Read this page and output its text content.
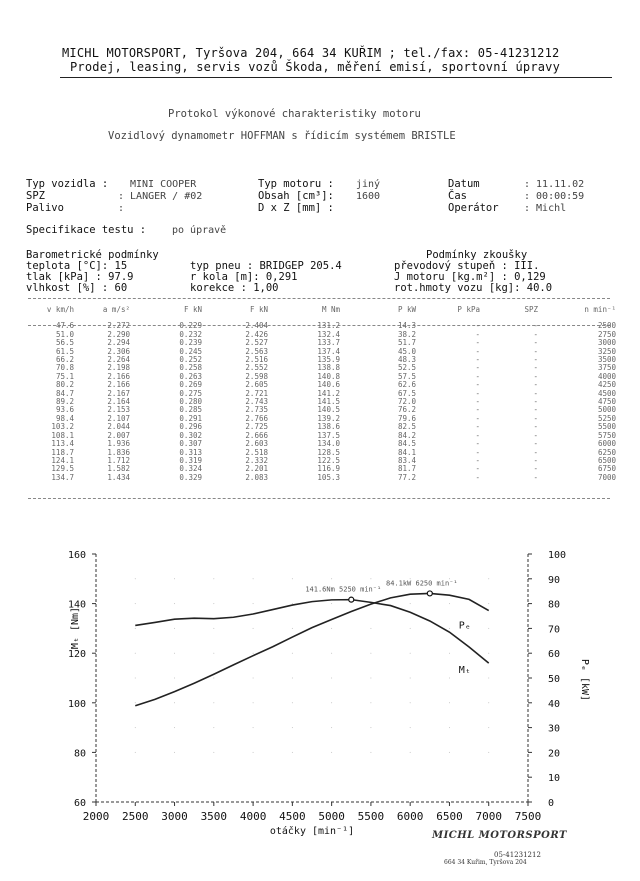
MICHL MOTORSPORT, Tyršova 204, 664 34 KUŘIM ; tel./fax: 05-41231212
Prodej, leasing, servis vozů Škoda, měření emisí, sportovní úpravy
Protokol výkonové charakteristiky motoru
Vozidlový dynamometr HOFFMAN s řídicím systémem BRISTLE
Typ vozidla : MINI COOPER
SPZ	: LANGER / #02
Palivo	:
Typ motoru : jiný
Obsah [cm³]: 1600
D x Z [mm] :
Datum	: 11.11.02
Čas	: 00:00:59
Operátor	: Michl
Specifikace testu :	po úpravě
Barometrické podmínky
teplota [°C]: 15
tlak [kPa] : 97.9
vlhkost [%] : 60
typ pneu : BRIDGEP 205.4
r kola [m]: 0,291
korekce : 1,00
Podmínky zkoušky
převodový stupeň : III.
J motoru [kg.m²] : 0,129
rot.hmoty vozu [kg]: 40.0
v km/h	a m/s²	F kN	F kN	M Nm	P kW	P kPa	SPZ	n min⁻¹
47.6	2.272	0.229	2.404	131.2	14.3	-	-	2500
51.0	2.290	0.232	2.426	132.4	38.2	-	-	2750
56.5	2.294	0.239	2.527	133.7	51.7	-	-	3000
61.5	2.306	0.245	2.563	137.4	45.0	-	-	3250
66.2	2.264	0.252	2.516	135.9	48.3	-	-	3500
70.8	2.198	0.258	2.552	138.8	52.5	-	-	3750
75.1	2.166	0.263	2.598	140.8	57.5	-	-	4000
80.2	2.166	0.269	2.605	140.6	62.6	-	-	4250
84.7	2.167	0.275	2.721	141.2	67.5	-	-	4500
89.2	2.164	0.280	2.743	141.5	72.0	-	-	4750
93.6	2.153	0.285	2.735	140.5	76.2	-	-	5000
98.4	2.107	0.291	2.766	139.2	79.6	-	-	5250
103.2	2.044	0.296	2.725	138.6	82.5	-	-	5500
108.1	2.007	0.302	2.666	137.5	84.2	-	-	5750
113.4	1.936	0.307	2.603	134.0	84.5	-	-	6000
118.7	1.836	0.313	2.518	128.5	84.1	-	-	6250
124.1	1.712	0.319	2.332	122.5	83.4	-	-	6500
129.5	1.582	0.324	2.201	116.9	81.7	-	-	6750
134.7	1.434	0.329	2.083	105.3	77.2	-	-	7000
2000 2500 3000 3500 4000 4500 5000 5500 6000 6500 7000 7500
otáčky [min⁻¹]
160
140
120
100
80
60
Mₜ [Nm]
100
90
80
70
60
50
40
30
20
10
0
Pₑ [kW]
Pₑ
Mₜ
84.1kW 6250 min⁻¹
141.6Nm 5250 min⁻¹
MICHL MOTORSPORT
05-41231212
664 34 Kuřim, Tyršova 204
